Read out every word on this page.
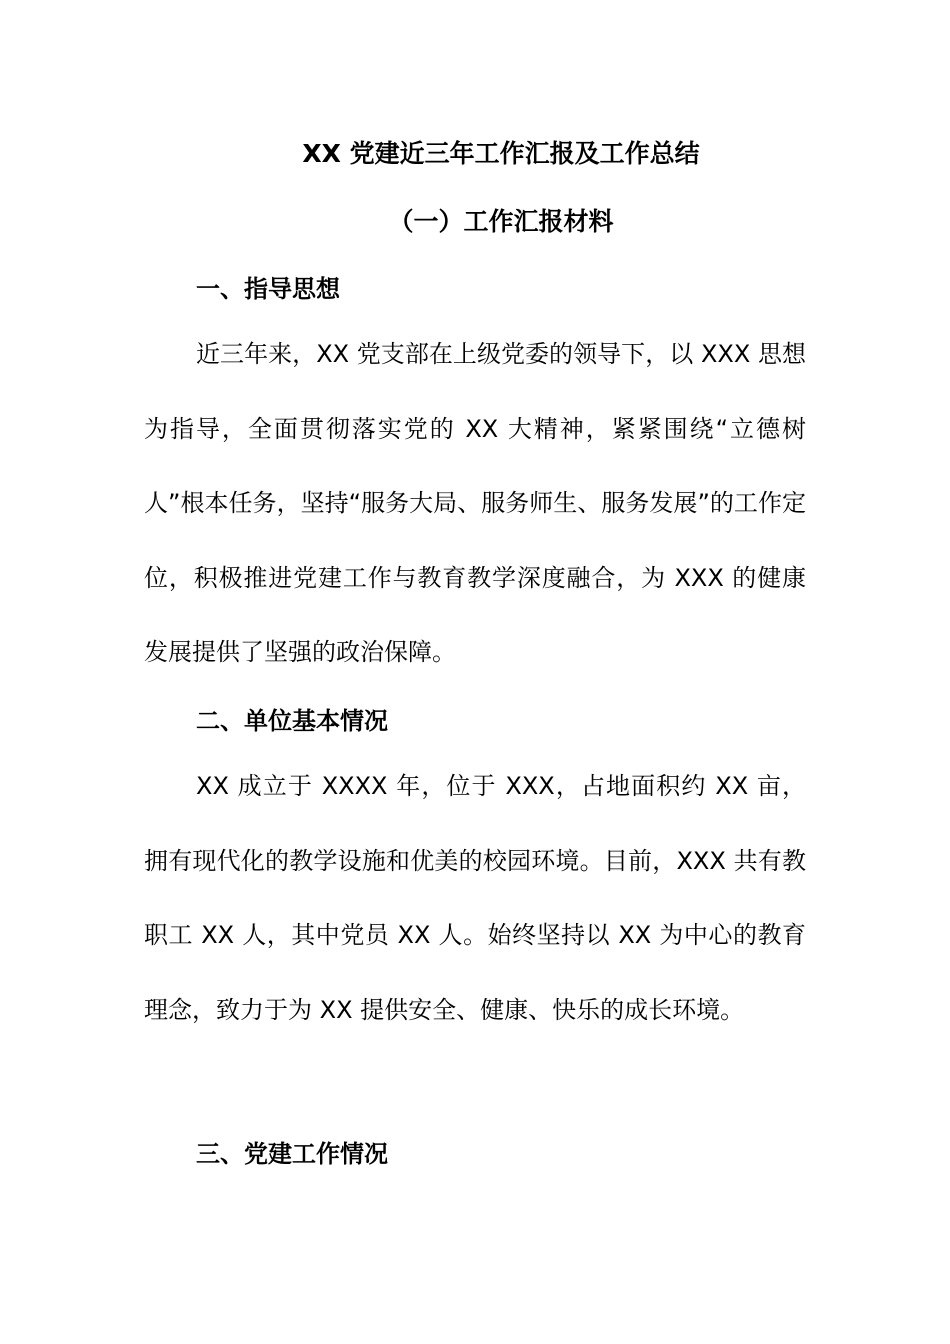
XX 党建近三年工作汇报及工作总结
（一）工作汇报材料
一、指导思想

近三年来，XX 党支部在上级党委的领导下，以 XXX 思想为指导，全面贯彻落实党的 XX 大精神，紧紧围绕“立德树人”根本任务，坚持“服务大局、服务师生、服务发展”的工作定位，积极推进党建工作与教育教学深度融合，为 XXX 的健康发展提供了坚强的政治保障。

二、单位基本情况

XX 成立于 XXXX 年，位于 XXX，占地面积约 XX 亩，拥有现代化的教学设施和优美的校园环境。目前，XXX 共有教职工 XX 人，其中党员 XX 人。始终坚持以 XX 为中心的教育理念，致力于为 XX 提供安全、健康、快乐的成长环境。

三、党建工作情况
